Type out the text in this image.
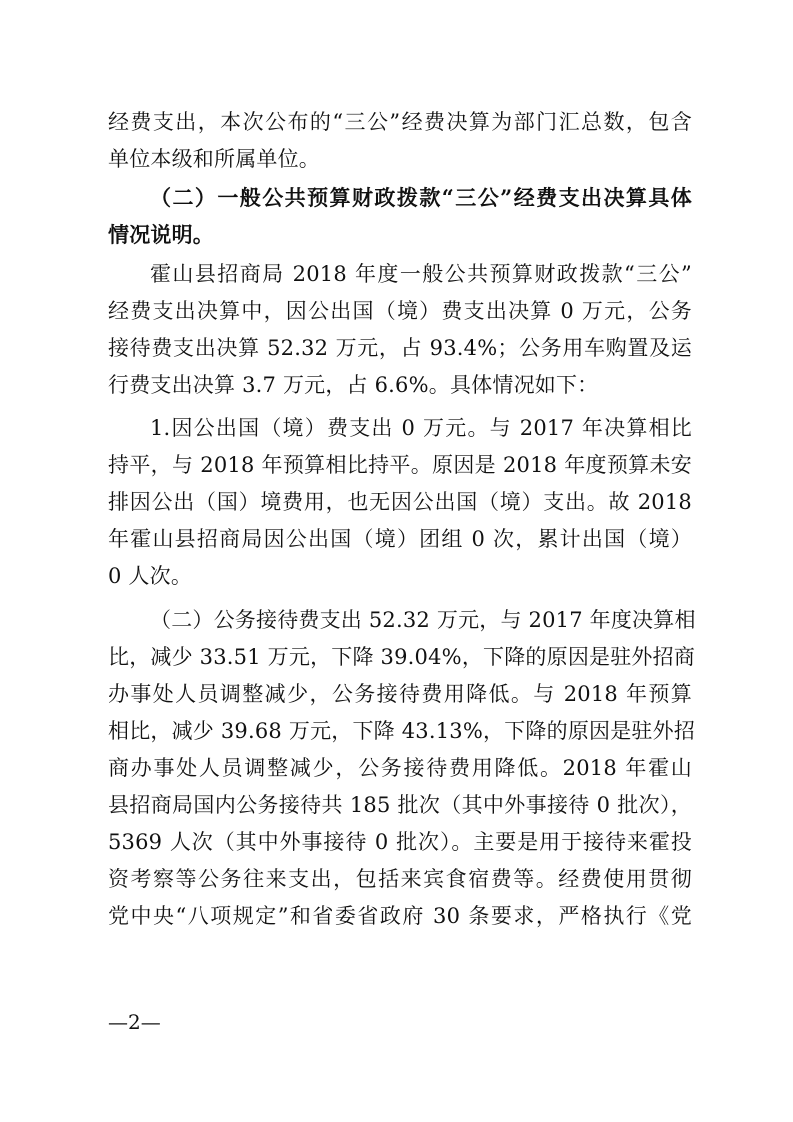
经费支出，本次公布的“三公”经费决算为部门汇总数，包含
单位本级和所属单位。
（二）一般公共预算财政拨款“三公”经费支出决算具体
情况说明。
霍山县招商局 2018 年度一般公共预算财政拨款“三公”
经费支出决算中，因公出国（境）费支出决算 0 万元，公务
接待费支出决算 52.32 万元，占 93.4%；公务用车购置及运
行费支出决算 3.7 万元，占 6.6%。具体情况如下：
1.因公出国（境）费支出 0 万元。与 2017 年决算相比
持平，与 2018 年预算相比持平。原因是 2018 年度预算未安
排因公出（国）境费用，也无因公出国（境）支出。故 2018
年霍山县招商局因公出国（境）团组 0 次，累计出国（境）
0 人次。
（二）公务接待费支出 52.32 万元，与 2017 年度决算相
比，减少 33.51 万元，下降 39.04%，下降的原因是驻外招商
办事处人员调整减少，公务接待费用降低。与 2018 年预算
相比，减少 39.68 万元，下降 43.13%，下降的原因是驻外招
商办事处人员调整减少，公务接待费用降低。2018 年霍山
县招商局国内公务接待共 185 批次（其中外事接待 0 批次），
5369 人次（其中外事接待 0 批次）。主要是用于接待来霍投
资考察等公务往来支出，包括来宾食宿费等。经费使用贯彻
党中央“八项规定”和省委省政府 30 条要求，严格执行《党
—2—
